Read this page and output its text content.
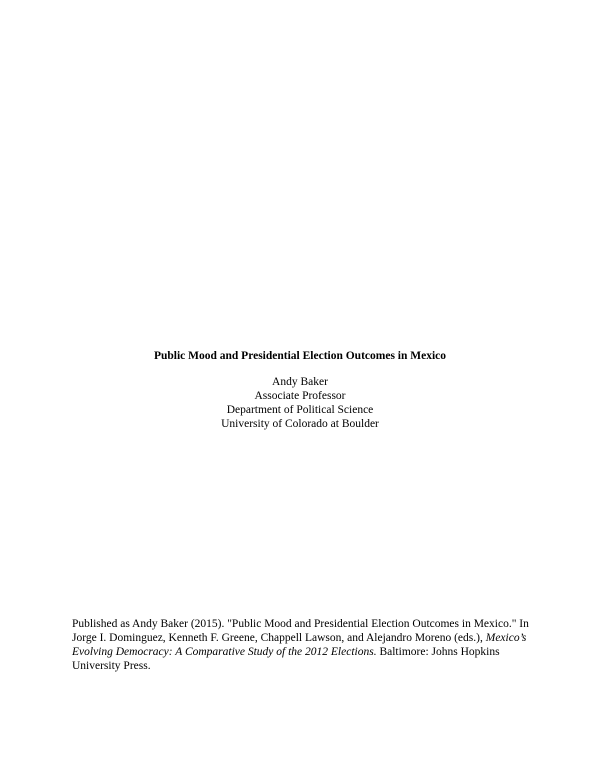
Public Mood and Presidential Election Outcomes in Mexico

Andy Baker

Associate Professor

Department of Political Science

University of Colorado at Boulder

Published as Andy Baker (2015). "Public Mood and Presidential Election Outcomes in Mexico." In Jorge I. Dominguez, Kenneth F. Greene, Chappell Lawson, and Alejandro Moreno (eds.), Mexico’s Evolving Democracy: A Comparative Study of the 2012 Elections. Baltimore: Johns Hopkins University Press.
